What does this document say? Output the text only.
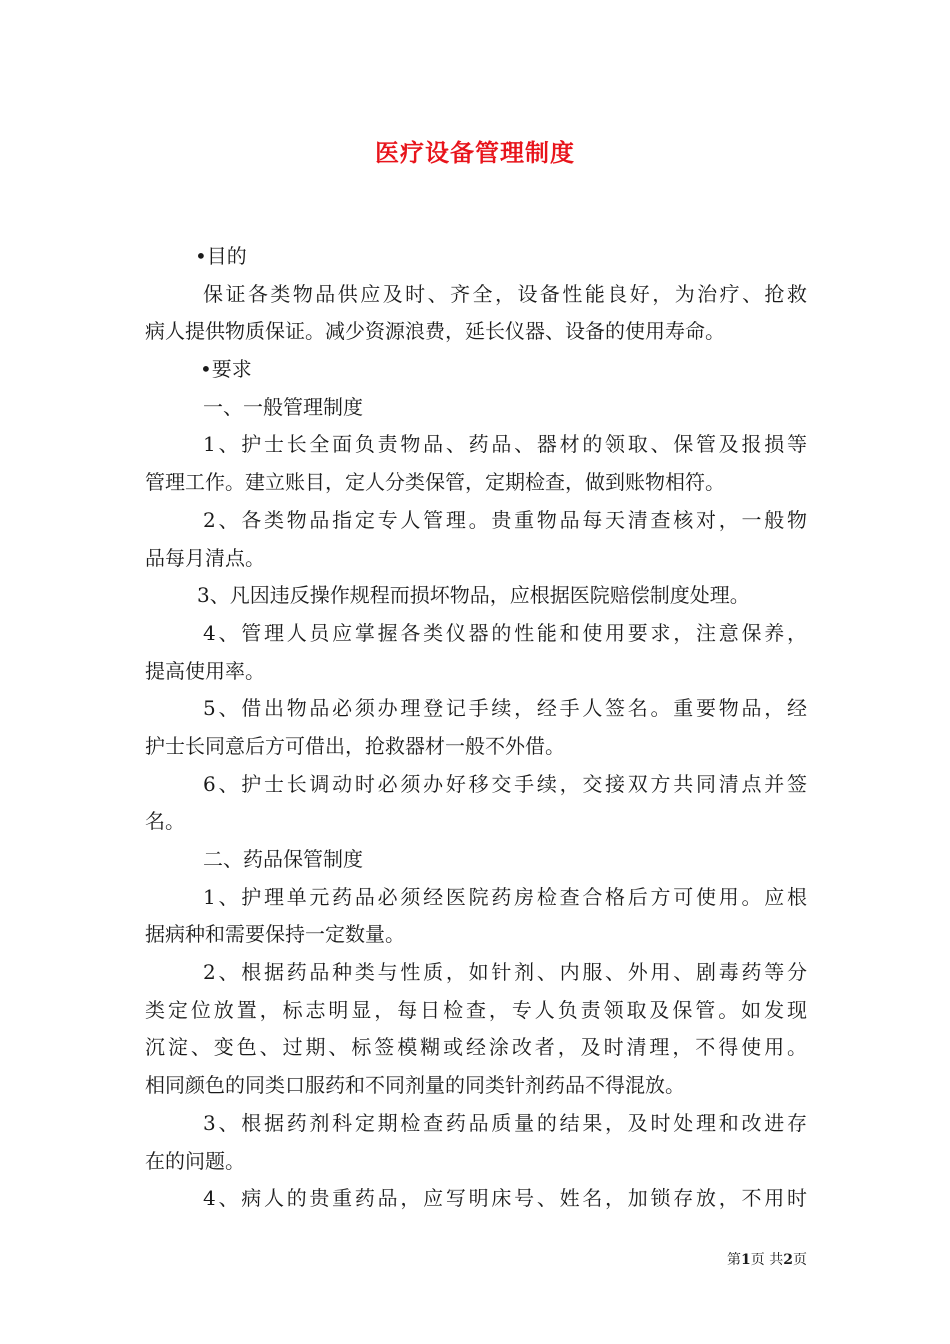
医疗设备管理制度
•目的
保证各类物品供应及时、齐全，设备性能良好，为治疗、抢救
病人提供物质保证。减少资源浪费，延长仪器、设备的使用寿命。
•要求
一、一般管理制度
1、护士长全面负责物品、药品、器材的领取、保管及报损等
管理工作。建立账目，定人分类保管，定期检查，做到账物相符。
2、各类物品指定专人管理。贵重物品每天清查核对，一般物
品每月清点。
3、凡因违反操作规程而损坏物品，应根据医院赔偿制度处理。
4、管理人员应掌握各类仪器的性能和使用要求，注意保养，
提高使用率。
5、借出物品必须办理登记手续，经手人签名。重要物品，经
护士长同意后方可借出，抢救器材一般不外借。
6、护士长调动时必须办好移交手续，交接双方共同清点并签
名。
二、药品保管制度
1、护理单元药品必须经医院药房检查合格后方可使用。应根
据病种和需要保持一定数量。
2、根据药品种类与性质，如针剂、内服、外用、剧毒药等分
类定位放置，标志明显，每日检查，专人负责领取及保管。如发现
沉淀、变色、过期、标签模糊或经涂改者，及时清理，不得使用。
相同颜色的同类口服药和不同剂量的同类针剂药品不得混放。
3、根据药剂科定期检查药品质量的结果，及时处理和改进存
在的问题。
4、病人的贵重药品，应写明床号、姓名，加锁存放，不用时
第1页 共2页
